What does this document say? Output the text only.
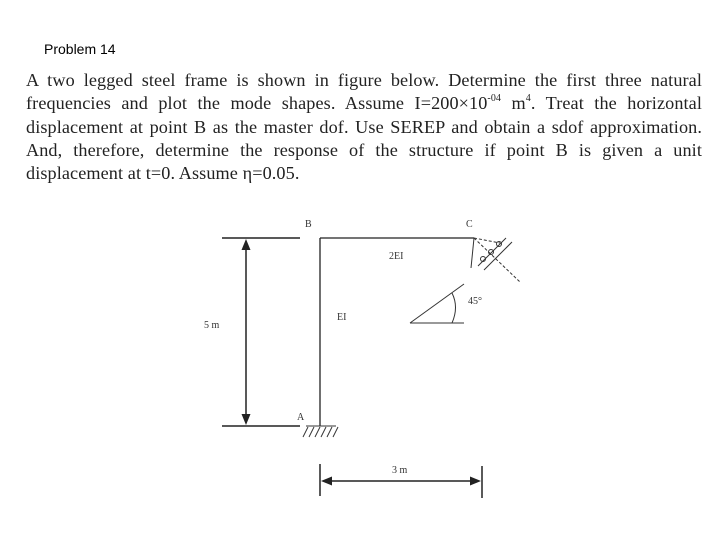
Problem 14
A two legged steel frame is shown in figure below. Determine the first three natural frequencies and plot the mode shapes. Assume $I=200\times 10^{-04}$ $m^4$. Treat the horizontal displacement at point B as the master dof. Use SEREP and obtain a sdof approximation. And, therefore, determine the response of the structure if point B is given a unit displacement at t=0. Assume η=0.05.
B	C
A
2EI
EI
5 m
3 m
45°
